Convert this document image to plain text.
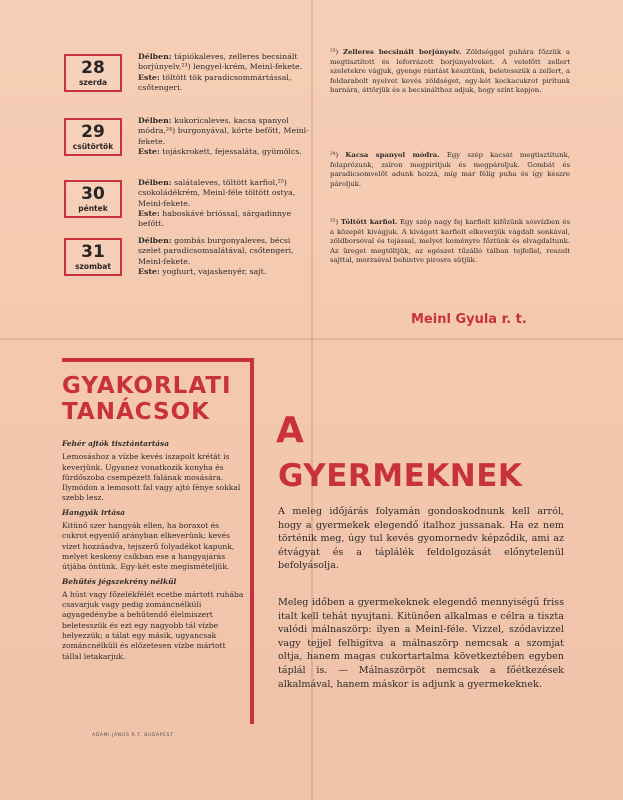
28
szerda

Délben: tápiókaleves, zelleres becsinált borjúnyelv,²³) lengyel-krém, Meinl-fekete.

Este: töltött tök paradicsommártással, csőtengeri.

29
csütörtök

Délben: kukoricaleves, kacsa spanyol módra,²⁴) burgonyával, körte befőtt, Meinl-fekete.

Este: tojáskrokett, fejessaláta, gyümölcs.

30
péntek

Délben: salátaleves, töltött karfiol,²⁵) csokoládékrém, Meinl-féle töltött ostya, Meinl-fekete.

Este: haboskávé brióssal, sárgadinnye befőtt.

31
szombat

Délben: gombás burgonyaleves, bécsi szelet paradicsomsalátával, csőtengeri, Meinl-fekete.

Este: yoghurt, vajaskenyér, sajt.

²³) Zelleres becsinált borjúnyelv. Zöldséggel puhára főzzük a megtisztított és leforrázott borjúnyelveket. A velefőtt zellert szeletekre vágjuk, gyenge rántást készítünk, beletesszük a zellert, a feldarabolt nyelvet kevés zöldséget, egy-két kockacukrot pirítunk barnára, áttörjük és a becsinálthoz adjuk, hogy színt kapjon.
²⁴) Kacsa spanyol módra. Egy szép kacsát megtisztítunk, felaprózunk, zsíron megpirítjuk és megpároljuk. Gombát és paradicsomvelőt adunk hozzá, míg már félig puha és így készre pároljuk.
²⁵) Töltött karfiol. Egy szép nagy fej karfiolt kifőzünk sósvízben és a közepét kivágjuk. A kivágott karfiolt elkeverjük vágdalt sonkával, zöldborsóval és tojással, melyet keményre főztünk és elvagdaltunk. Az üreget megtöltjük, az egészet tűzálló tálban tejfellel, reszelt sajttal, morzsával behintve pirosra sütjük.
Meinl Gyula r. t.
GYAKORLATI
TANÁCSOK
Fehér ajtók tisztántartása

Lemosáshoz a vízbe kevés iszapolt krétát is keverjünk. Ugyanez vonatkozik konyha és fürdőszoba csempézett falának mosására. Ilymódon a lemosott fal vagy ajtó fénye sokkal szebb lesz.

Hangyák irtása

Kitünő szer hangyák ellen, ha boraxot és cukrot egyenlő arányban elkeverünk; kevés vizet hozzáadva, tejszerű folyadékot kapunk, melyet keskeny csíkban ese a hangyajárás útjába öntünk. Egy-két este megismételjük.

Behűtés jégszekrény nélkül

A húst vagy főzelékfélét ecetbe mártott ruhába csavarjuk vagy pedig zománcnélküli agyagedénybe a behűtendő élelmiszert beletesszük és ezt egy nagyobb tál vízbe helyezzük; a tálat egy másik, ugyancsak zománcnélküli és előzetesen vízbe mártott tállal letakarjuk.

ADAMI JÁNOS R.T. BUDAPEST
A
GYERMEKNEK

A meleg időjárás folyamán gondoskodnunk kell arról, hogy a gyermekek elegendő italhoz jussanak. Ha ez nem történik meg, úgy tul kevés gyomornedv képződik, ami az étvágyat és a táplálék feldolgozását előnytelenül befolyásolja.

Meleg időben a gyermekeknek elegendő mennyiségű friss italt kell tehát nyujtani. Kitünően alkalmas e célra a tiszta valódi málnaszörp: ilyen a Meinl-féle. Vizzel, szódavizzel vagy tejjel felhigitva a málnaszörp nemcsak a szomjat oltja, hanem magas cukortartalma következtében egyben táplál is. — Málnaszörpöt nemcsak a főétkezések alkalmával, hanem máskor is adjunk a gyermekeknek.
